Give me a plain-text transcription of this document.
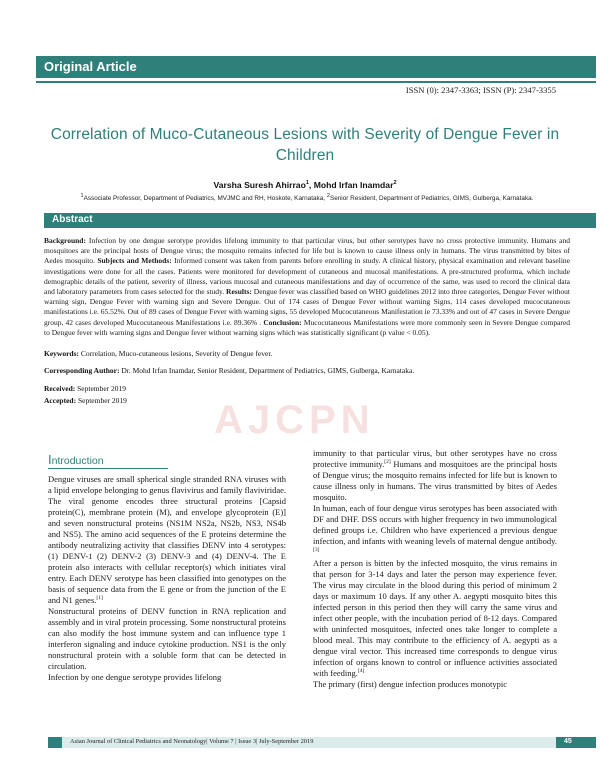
Original Article
ISSN (0): 2347-3363; ISSN (P): 2347-3355
Correlation of Muco-Cutaneous Lesions with Severity of Dengue Fever in Children
Varsha Suresh Ahirrao$^1$, Mohd Irfan Inamdar$^2$
$^1$Associate Professor, Department of Pediatrics, MVJMC and RH, Hoskote, Karnataka, $^2$Senior Resident, Department of Pediatrics, GIMS, Gulberga, Karnataka.
Abstract
Background: Infection by one dengue serotype provides lifelong immunity to that particular virus, but other serotypes have no cross protective immunity. Humans and mosquitoes are the principal hosts of Dengue virus; the mosquito remains infected for life but is known to cause illness only in humans. The virus transmitted by bites of Aedes mosquito. Subjects and Methods: Informed consent was taken from parents before enrolling in study. A clinical history, physical examination and relevant baseline investigations were done for all the cases. Patients were monitored for development of cutaneous and mucosal manifestations. A pre-structured proforma, which include demographic details of the patient, severity of illness, various mucosal and cutaneous manifestations and day of occurrence of the same, was used to record the clinical data and laboratory parameters from cases selected for the study. Results: Dengue fever was classified based on WHO guidelines 2012 into three categories, Dengue Fever without warning sign, Dengue Fever with warning sign and Severe Dengue. Out of 174 cases of Dengue Fever without warning Signs, 114 cases developed mucocutaneous manifestations i.e. 65.52%. Out of 89 cases of Dengue Fever with warning signs, 55 developed Mucocutaneous Manifestation ie 73.33% and out of 47 cases in Severe Dengue group, 42 cases developed Mucocutaneous Manifestations i.e. 89.36% . Conclusion: Mucocutaneous Manifestations were more commonly seen in Severe Dengue compared to Dengue fever with warning signs and Dengue fever without warning signs which was statistically significant (p value < 0.05).
Keywords: Correlation, Muco-cutaneous lesions, Severity of Dengue fever.
Corresponding Author: Dr. Mohd Irfan Inamdar, Senior Resident, Department of Pediatrics, GIMS, Gulberga, Karnataka.
Received: September 2019
Accepted: September 2019 AJCPN
Introduction

Dengue viruses are small spherical single stranded RNA viruses with a lipid envelope belonging to genus flavivirus and family flaviviridae. The viral genome encodes three structural proteins [Capsid protein(C), membrane protein (M), and envelope glycoprotein (E)] and seven nonstructural proteins (NS1M NS2a, NS2b, NS3, NS4b and NS5). The amino acid sequences of the E proteins determine the antibody neutralizing activity that classifies DENV into 4 serotypes: (1) DENV-1 (2) DENV-2 (3) DENV-3 and (4) DENV-4. The E protein also interacts with cellular receptor(s) which initiates viral entry. Each DENV serotype has been classified into genotypes on the basis of sequence data from the E gene or from the junction of the E and N1 genes.[1]

Nonstructural proteins of DENV function in RNA replication and assembly and in viral protein processing. Some nonstructural proteins can also modify the host immune system and can influence type 1 interferon signaling and induce cytokine production. NS1 is the only nonstructural protein with a soluble form that can be detected in circulation.

Infection by one dengue serotype provides lifelong

immunity to that particular virus, but other serotypes have no cross protective immunity.[2] Humans and mosquitoes are the principal hosts of Dengue virus; the mosquito remains infected for life but is known to cause illness only in humans. The virus transmitted by bites of Aedes mosquito.

In human, each of four dengue virus serotypes has been associated with DF and DHF. DSS occurs with higher frequency in two immunological defined groups i.e. Children who have experienced a previous dengue infection, and infants with weaning levels of maternal dengue antibody.[3]

After a person is bitten by the infected mosquito, the virus remains in that person for 3-14 days and later the person may experience fever. The virus may circulate in the blood during this period of minimum 2 days or maximum 10 days. If any other A. aegypti mosquito bites this infected person in this period then they will carry the same virus and infect other people, with the incubation period of 8-12 days. Compared with uninfected mosquitoes, infected ones take longer to complete a blood meal. This may contribute to the efficiency of A. aegypti as a dengue viral vector. This increased time corresponds to dengue virus infection of organs known to control or influence activities associated with feeding.[4]

The primary (first) dengue infection produces monotypic

Asian Journal of Clinical Pediatrics and Neonatology| Volume 7 | Issue 3| July-September 2019	45
